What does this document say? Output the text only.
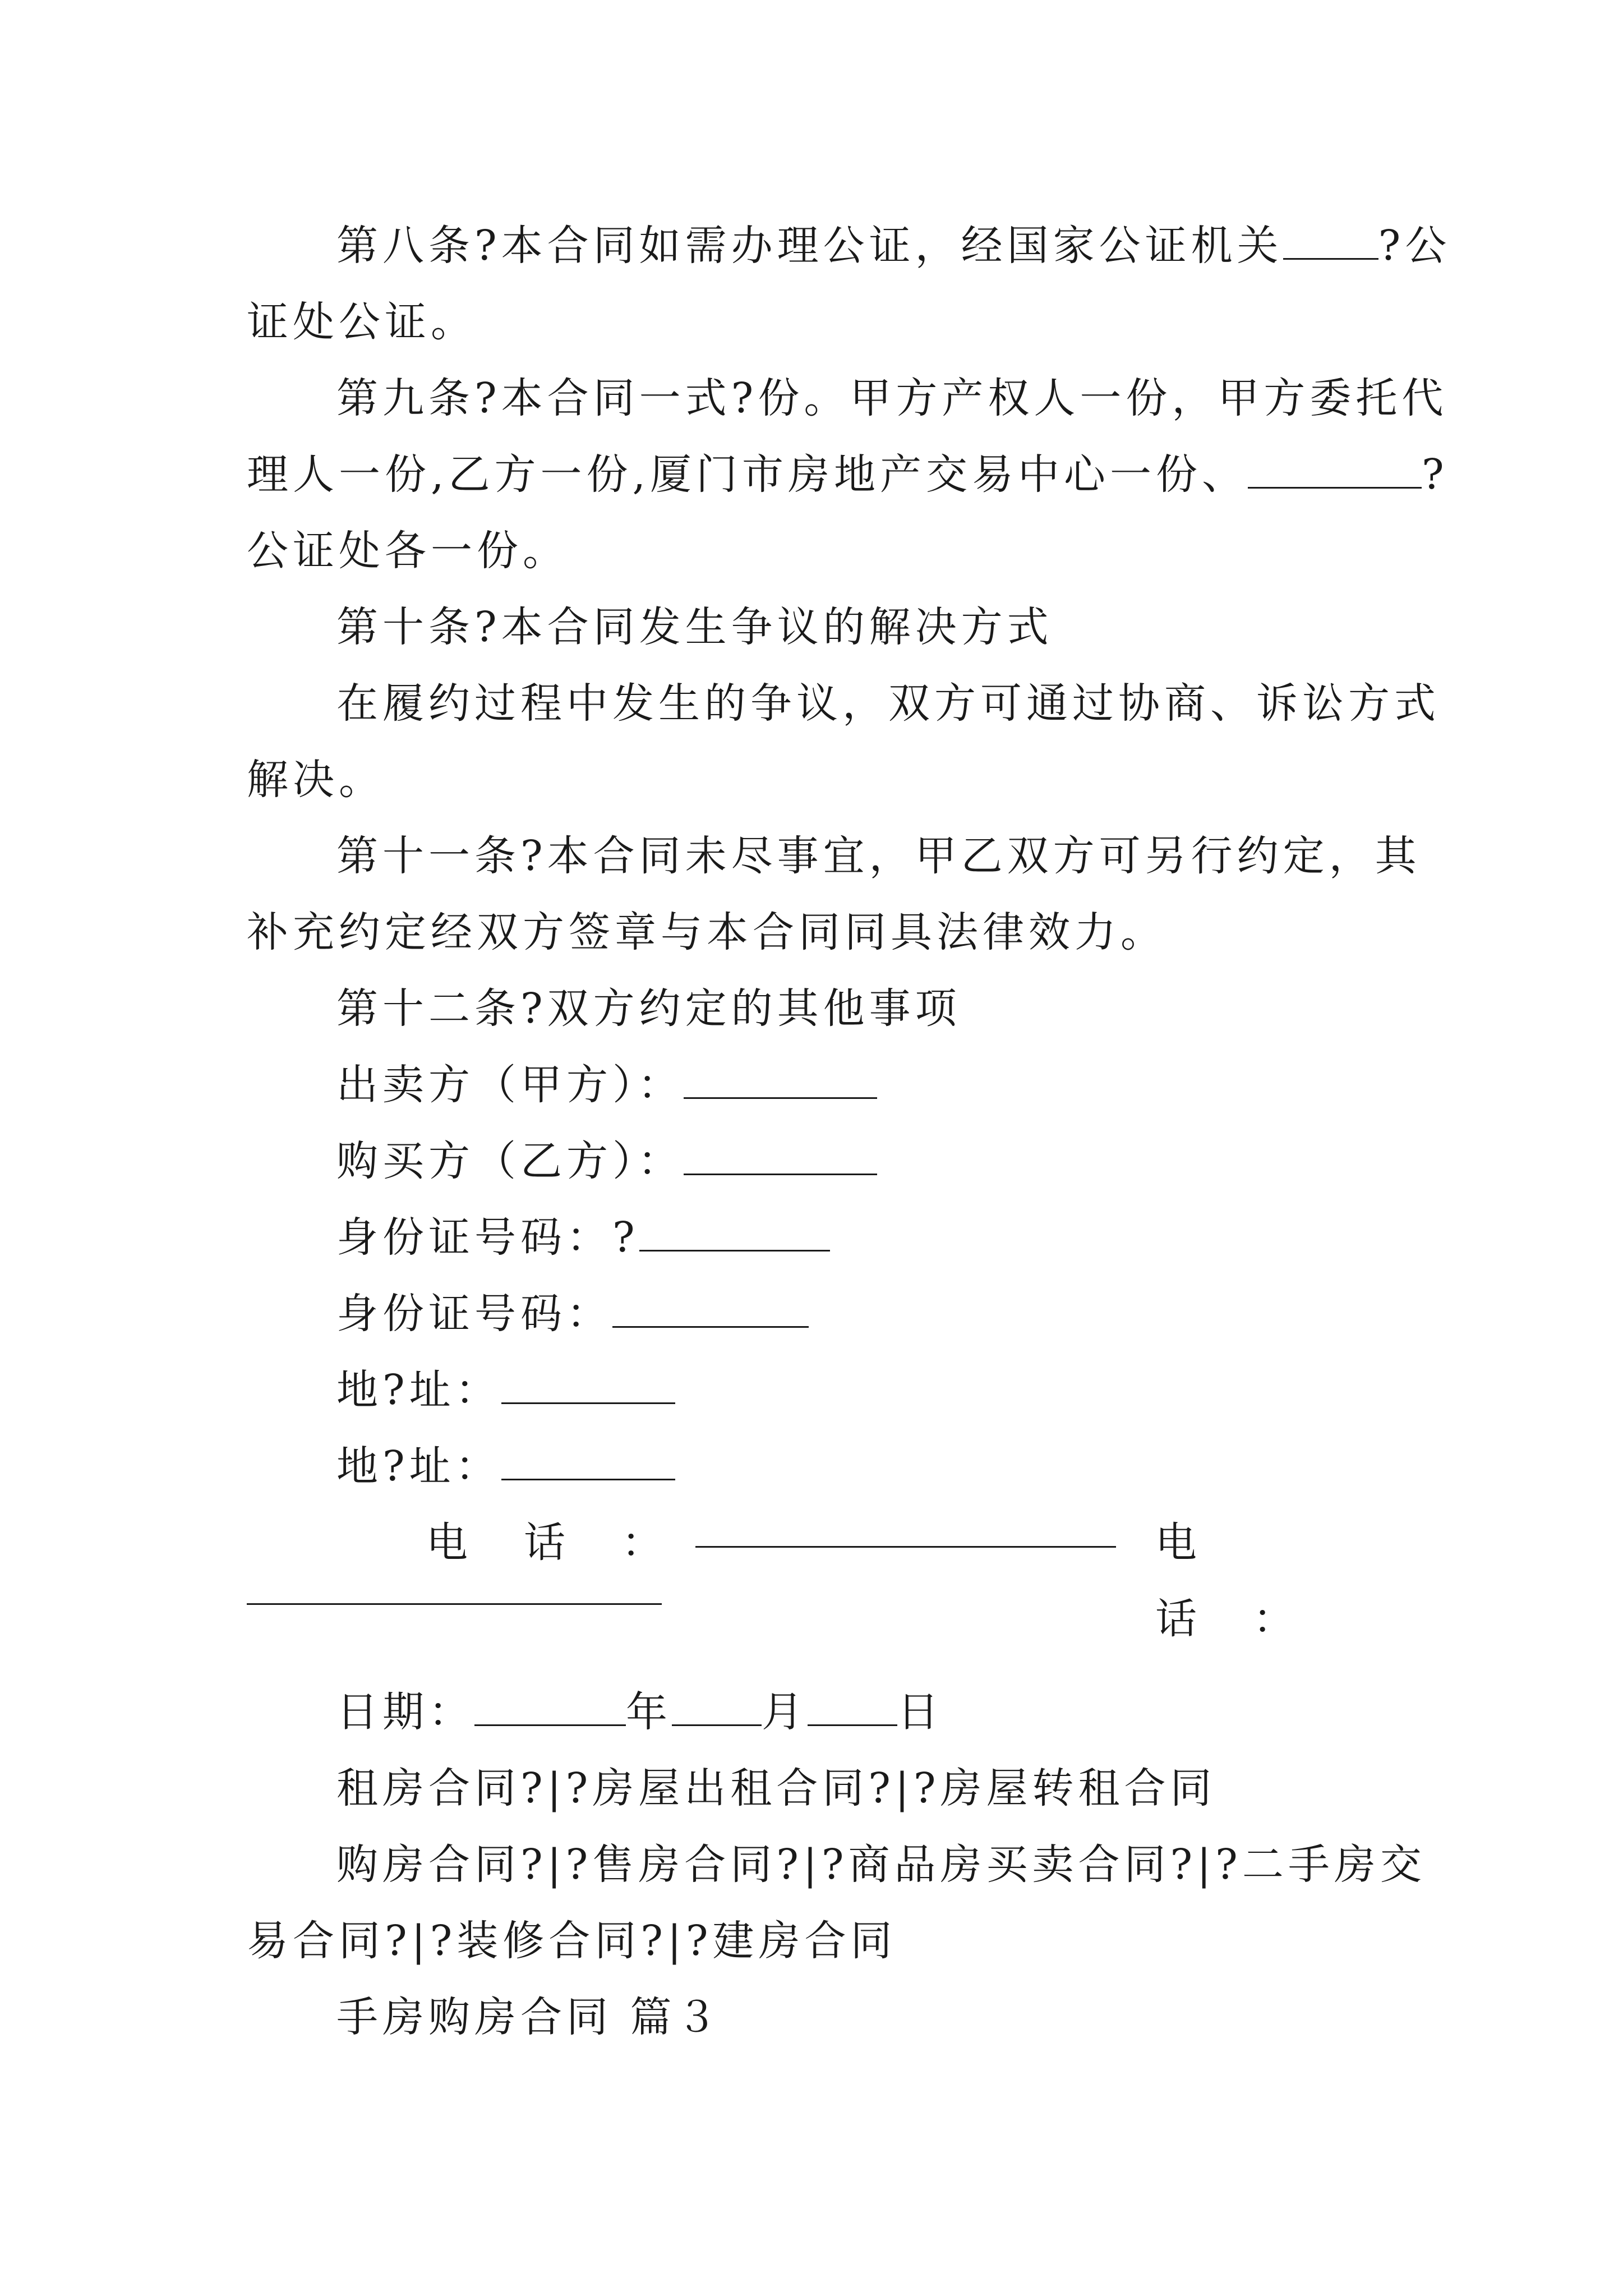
第八条?本合同如需办理公证，经国家公证机关 ?公

证处公证。

第九条?本合同一式?份。甲方产权人一份，甲方委托代

理人一份,乙方一份,厦门市房地产交易中心一份、	?

公证处各一份。

第十条?本合同发生争议的解决方式

在履约过程中发生的争议，双方可通过协商、诉讼方式

解决。

第十一条?本合同未尽事宜，甲乙双方可另行约定，其

补充约定经双方签章与本合同同具法律效力。

第十二条?双方约定的其他事项

出卖方（甲方）：

购买方（乙方）：

身份证号码：?

身份证号码：

地?址：

地?址：

电话：	电话：

日期：	年 月 日

租房合同?|?房屋出租合同?|?房屋转租合同

购房合同?|?售房合同?|?商品房买卖合同?|?二手房交

易合同?|?装修合同?|?建房合同

手房购房合同 篇３
